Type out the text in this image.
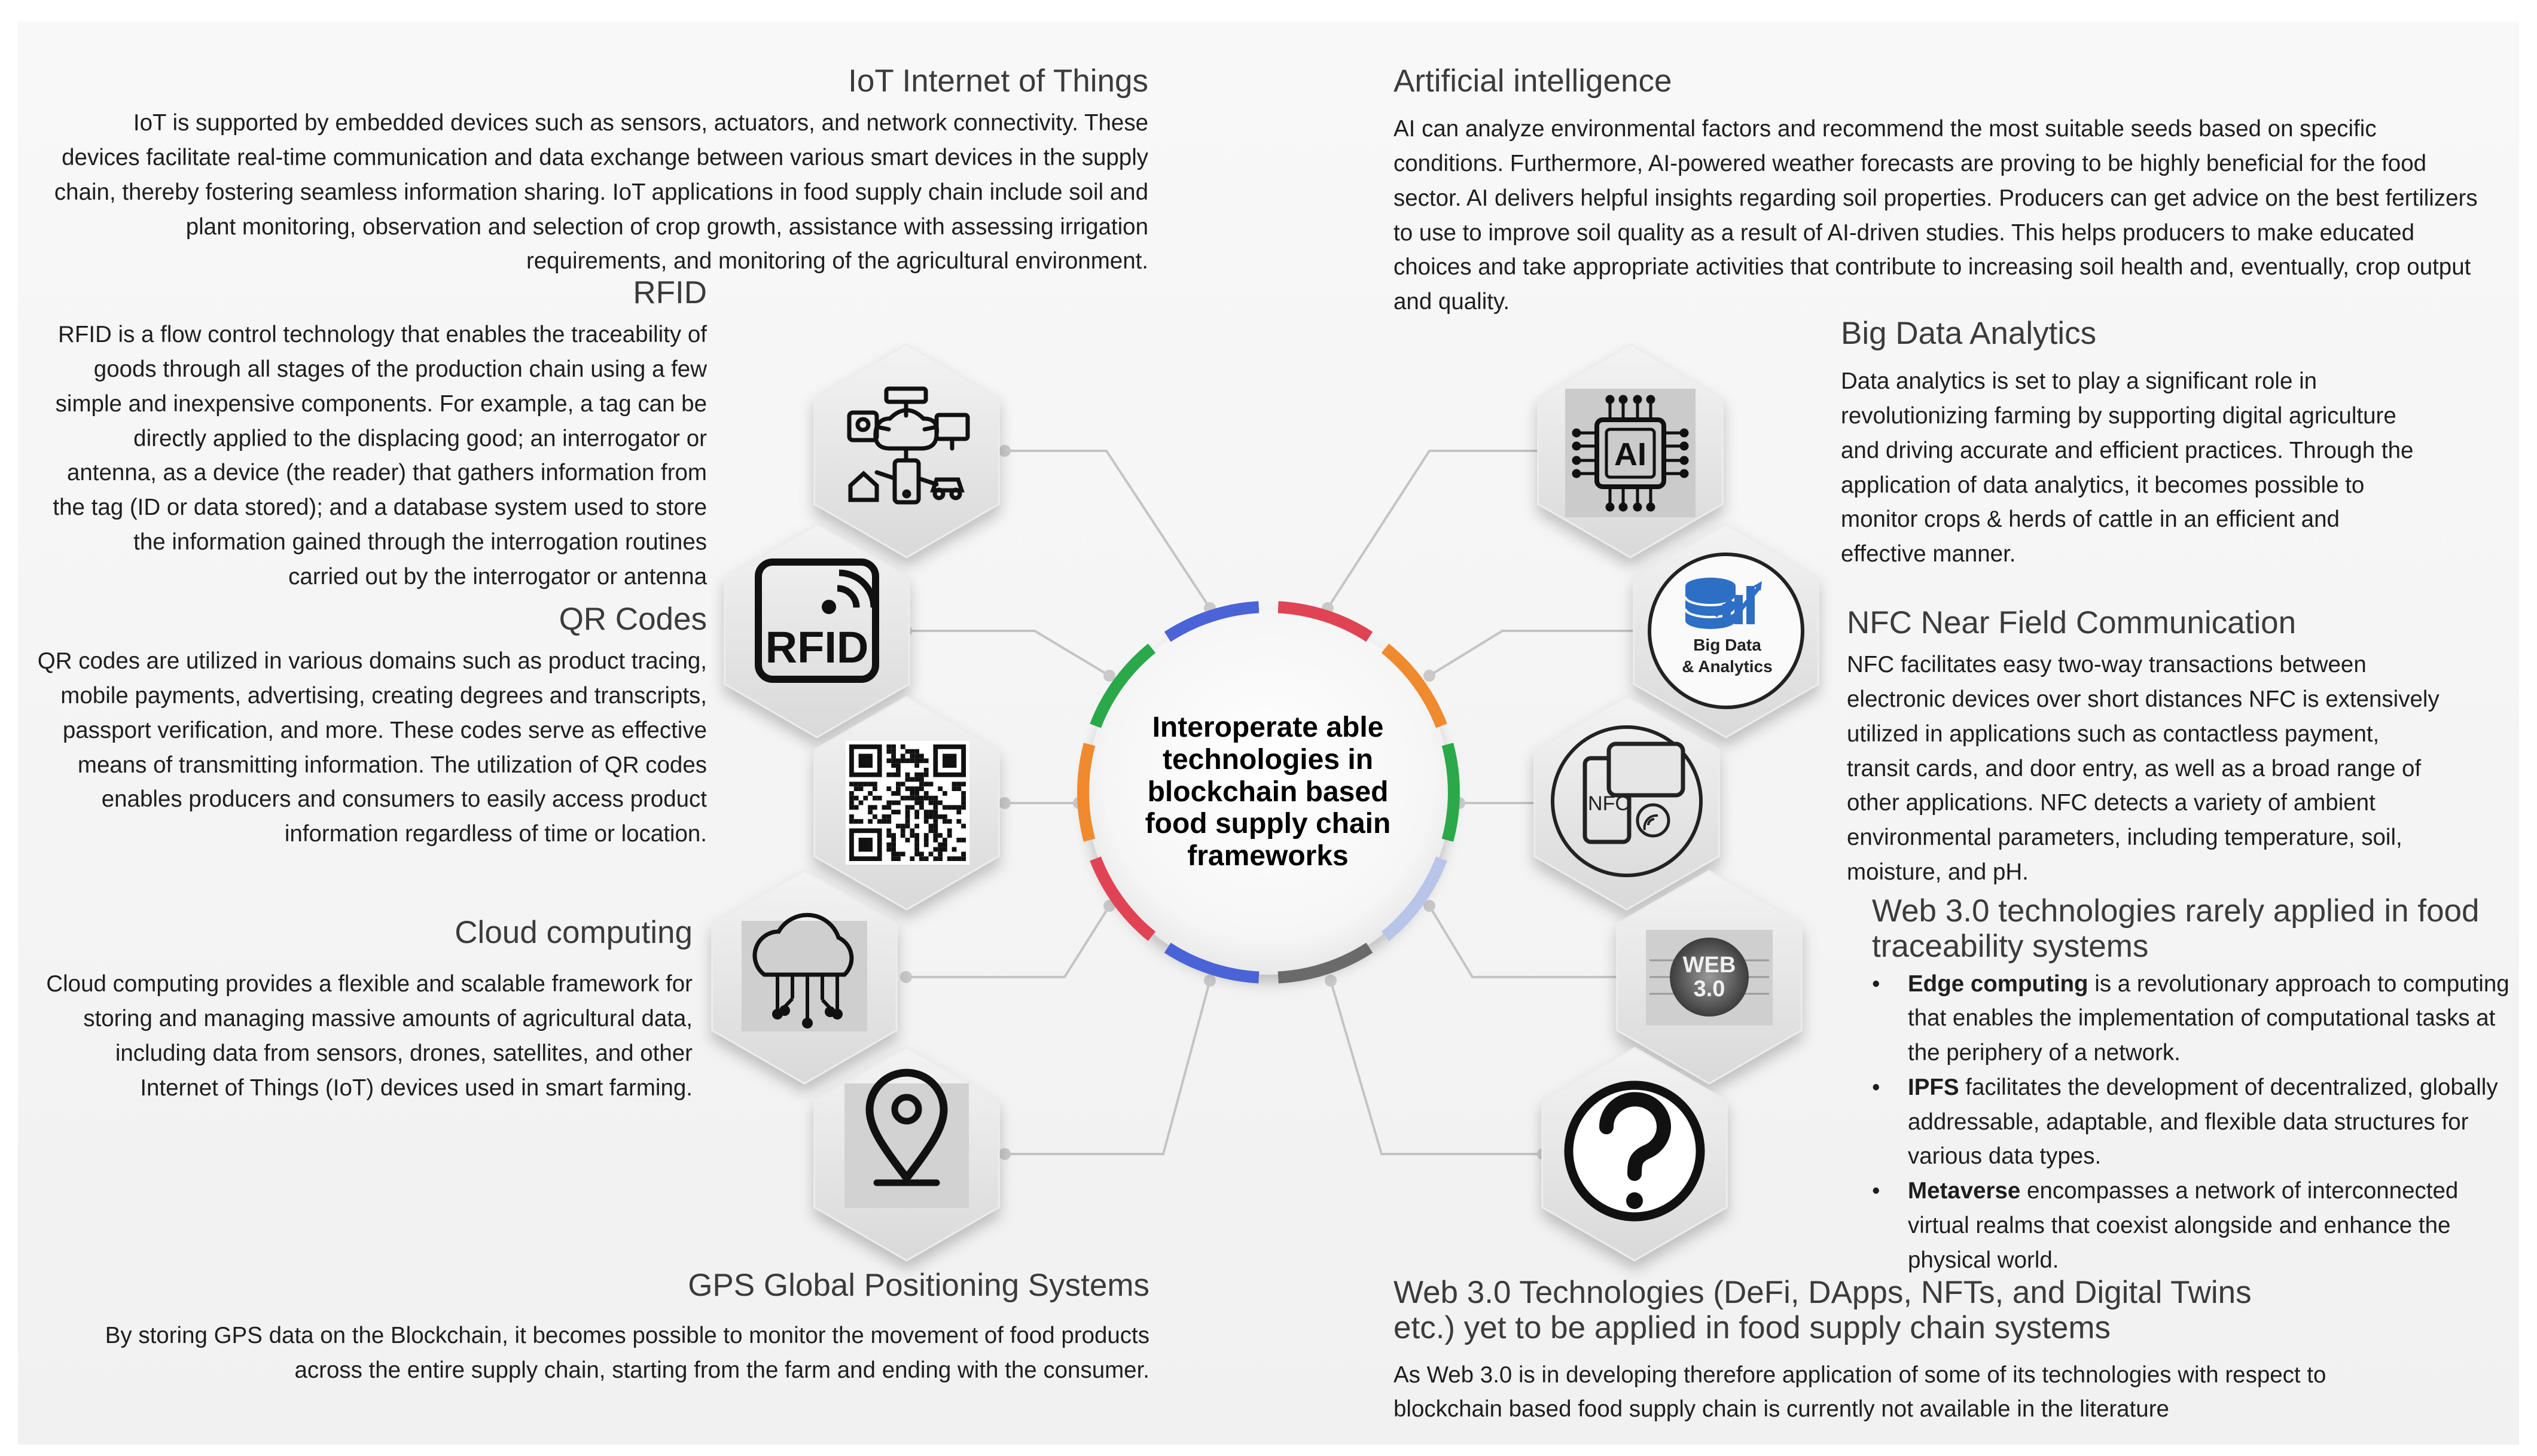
RFID
AI
Big Data
& Analytics
NFC
WEB
3.0
Interoperate able
technologies in
blockchain based
food supply chain
frameworks
IoT Internet of Things

IoT is supported by embedded devices such as sensors, actuators, and network connectivity. These
devices facilitate real-time communication and data exchange between various smart devices in the supply
chain, thereby fostering seamless information sharing. IoT applications in food supply chain include soil and
plant monitoring, observation and selection of crop growth, assistance with assessing irrigation
requirements, and monitoring of the agricultural environment.

RFID

RFID is a flow control technology that enables the traceability of
goods through all stages of the production chain using a few
simple and inexpensive components. For example, a tag can be
directly applied to the displacing good; an interrogator or
antenna, as a device (the reader) that gathers information from
the tag (ID or data stored); and a database system used to store
the information gained through the interrogation routines
carried out by the interrogator or antenna

QR Codes

QR codes are utilized in various domains such as product tracing,
mobile payments, advertising, creating degrees and transcripts,
passport verification, and more. These codes serve as effective
means of transmitting information. The utilization of QR codes
enables producers and consumers to easily access product
information regardless of time or location.

Cloud computing

Cloud computing provides a flexible and scalable framework for
storing and managing massive amounts of agricultural data,
including data from sensors, drones, satellites, and other
Internet of Things (IoT) devices used in smart farming.

GPS Global Positioning Systems

By storing GPS data on the Blockchain, it becomes possible to monitor the movement of food products
across the entire supply chain, starting from the farm and ending with the consumer.

Artificial intelligence

AI can analyze environmental factors and recommend the most suitable seeds based on specific
conditions. Furthermore, AI-powered weather forecasts are proving to be highly beneficial for the food
sector. AI delivers helpful insights regarding soil properties. Producers can get advice on the best fertilizers
to use to improve soil quality as a result of AI-driven studies. This helps producers to make educated
choices and take appropriate activities that contribute to increasing soil health and, eventually, crop output
and quality.

Big Data Analytics

Data analytics is set to play a significant role in
revolutionizing farming by supporting digital agriculture
and driving accurate and efficient practices. Through the
application of data analytics, it becomes possible to
monitor crops & herds of cattle in an efficient and
effective manner.

NFC Near Field Communication

NFC facilitates easy two-way transactions between
electronic devices over short distances NFC is extensively
utilized in applications such as contactless payment,
transit cards, and door entry, as well as a broad range of
other applications. NFC detects a variety of ambient
environmental parameters, including temperature, soil,
moisture, and pH.

Web 3.0 technologies rarely applied in food
traceability systems
• Edge computing is a revolutionary approach to computing that enables the implementation of computational tasks at the periphery of a network.
• IPFS facilitates the development of decentralized, globally addressable, adaptable, and flexible data structures for various data types.
• Metaverse encompasses a network of interconnected virtual realms that coexist alongside and enhance the physical world.
Web 3.0 Technologies (DeFi, DApps, NFTs, and Digital Twins
etc.) yet to be applied in food supply chain systems

As Web 3.0 is in developing therefore application of some of its technologies with respect to
blockchain based food supply chain is currently not available in the literature
